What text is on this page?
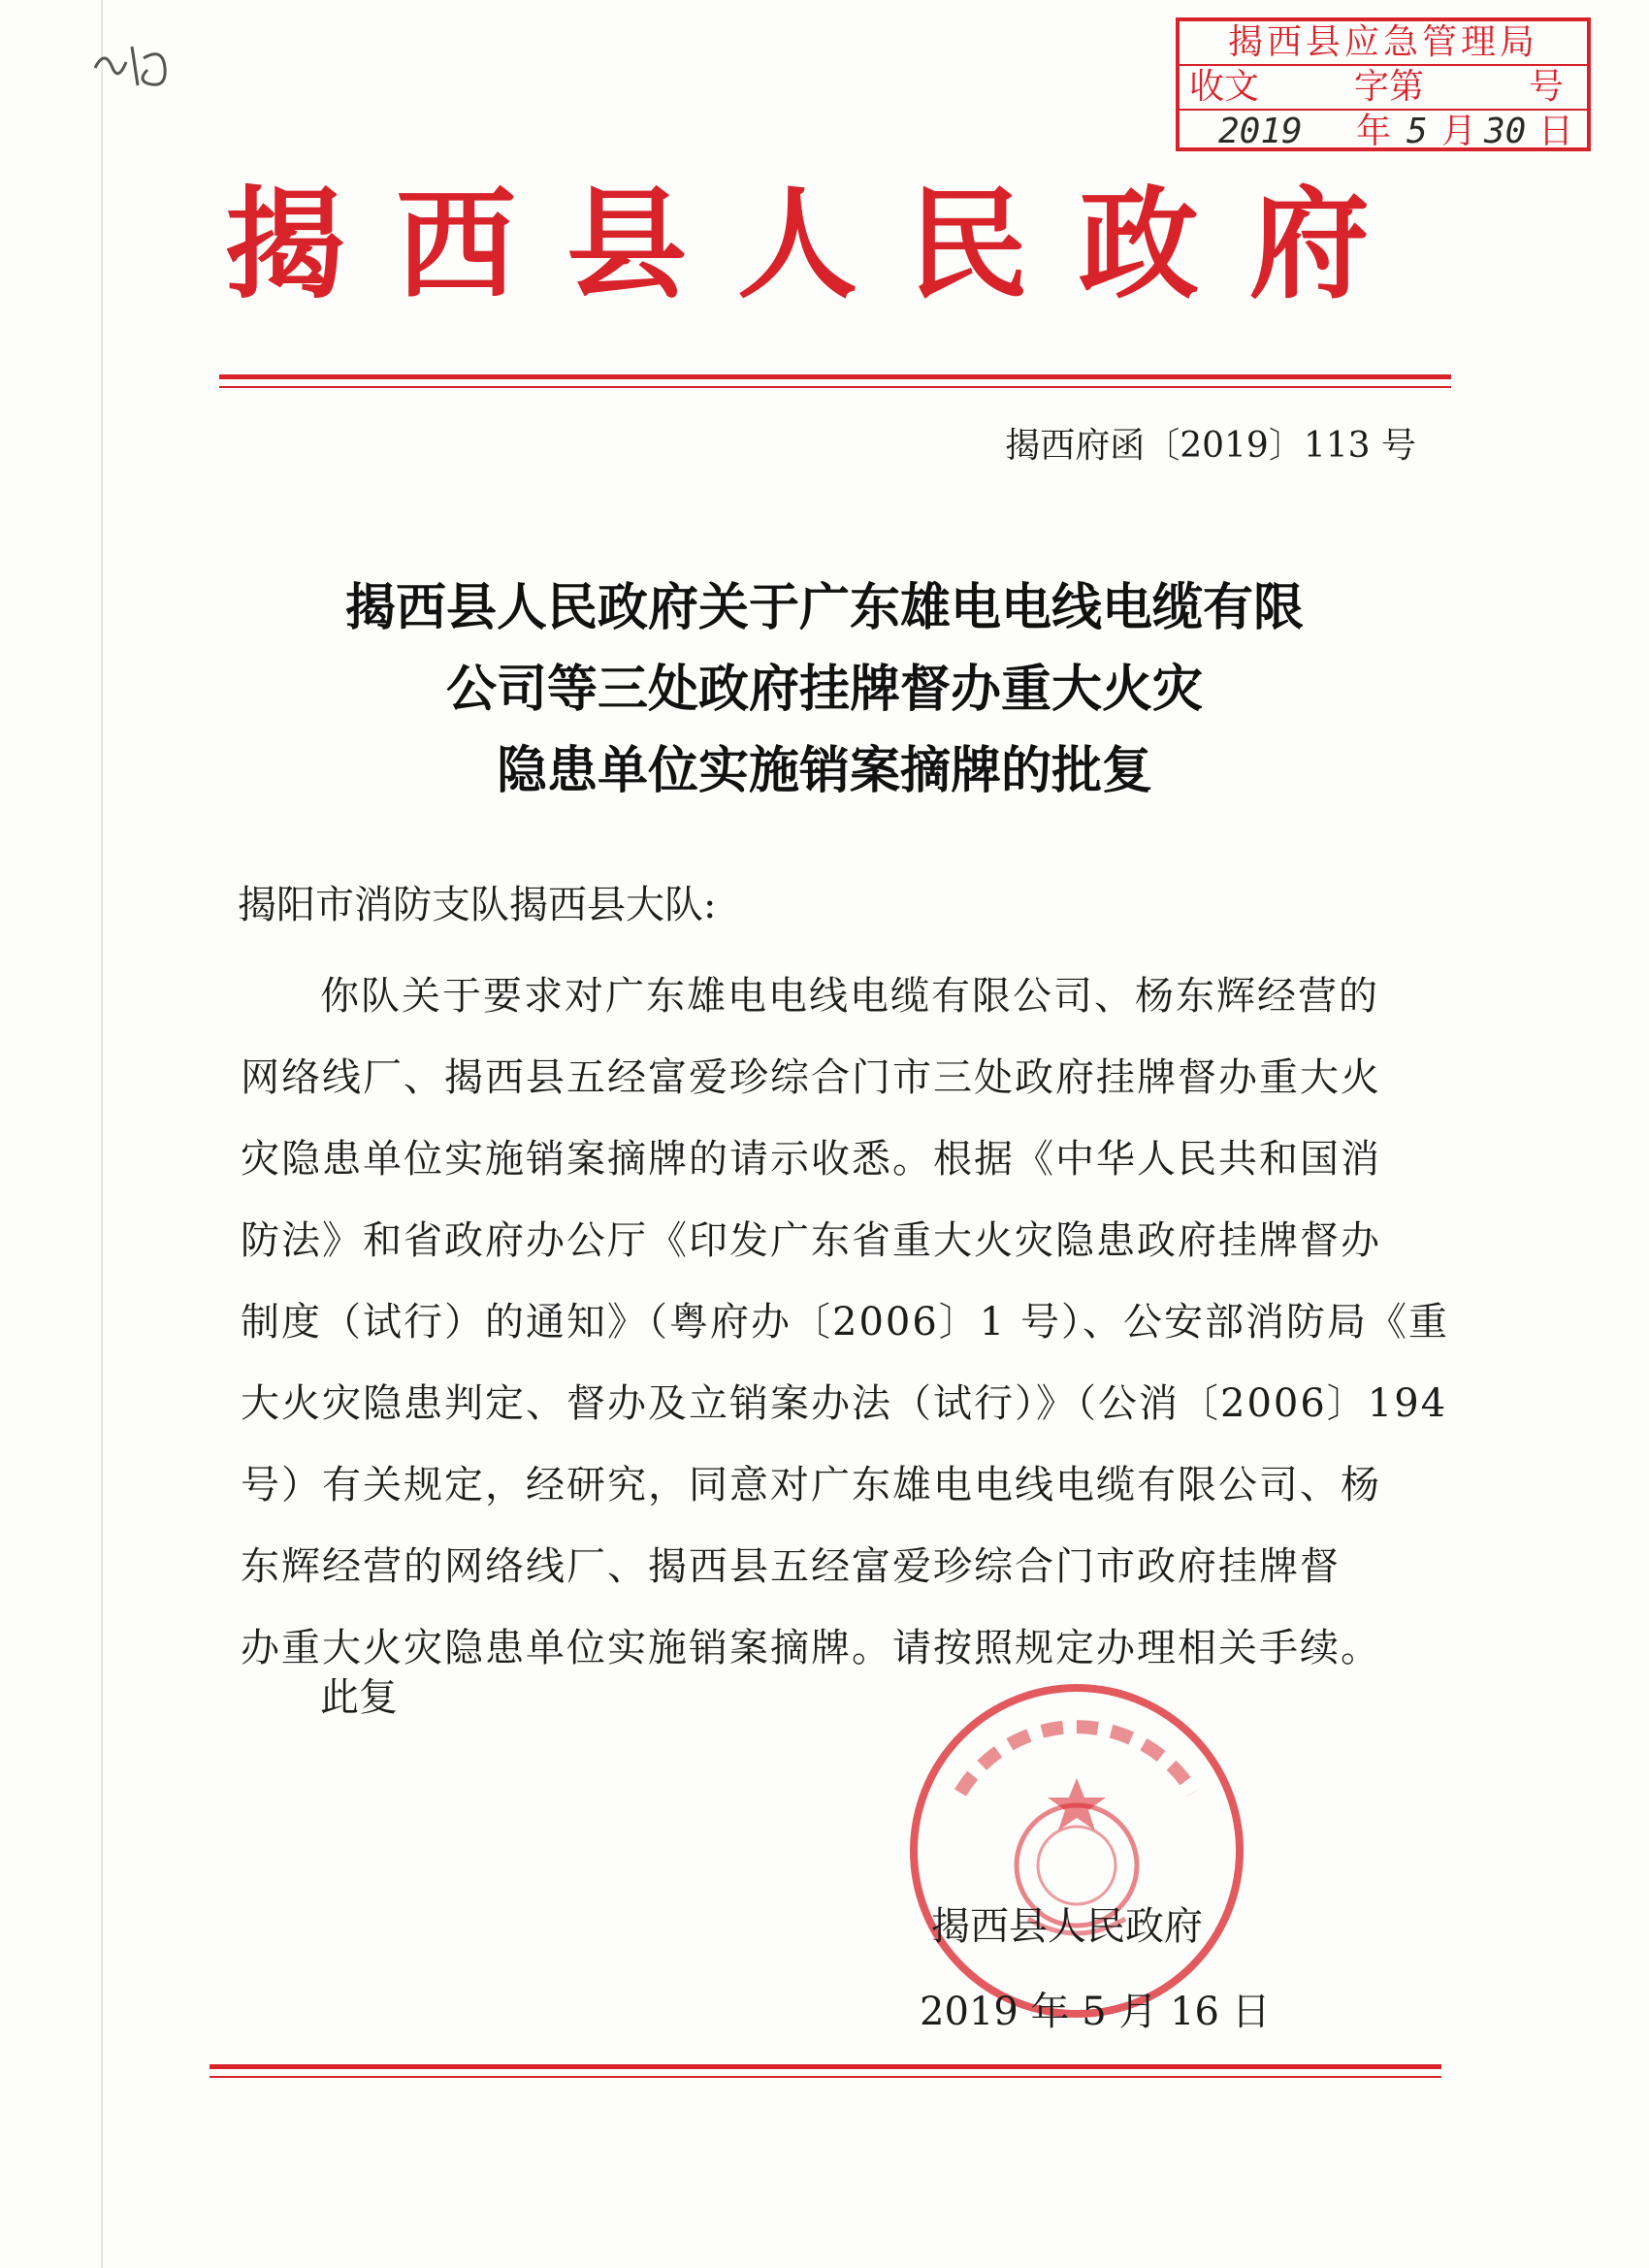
揭西县应急管理局
收文	字第	号
2019 年 5 月 30 日
揭 西 县 人 民 政 府
揭西府函〔2019〕113 号
揭西县人民政府关于广东雄电电线电缆有限
公司等三处政府挂牌督办重大火灾
隐患单位实施销案摘牌的批复
揭阳市消防支队揭西县大队:
你队关于要求对广东雄电电线电缆有限公司、杨东辉经营的
网络线厂、揭西县五经富爱珍综合门市三处政府挂牌督办重大火
灾隐患单位实施销案摘牌的请示收悉。根据《中华人民共和国消
防法》和省政府办公厅《印发广东省重大火灾隐患政府挂牌督办
制度（试行）的通知》（粤府办〔2006〕1 号）、公安部消防局《重
大火灾隐患判定、督办及立销案办法（试行）》（公消〔2006〕194
号）有关规定，经研究，同意对广东雄电电线电缆有限公司、杨
东辉经营的网络线厂、揭西县五经富爱珍综合门市政府挂牌督
办重大火灾隐患单位实施销案摘牌。请按照规定办理相关手续。
此复
揭西县人民政府
2019 年 5 月 16 日
